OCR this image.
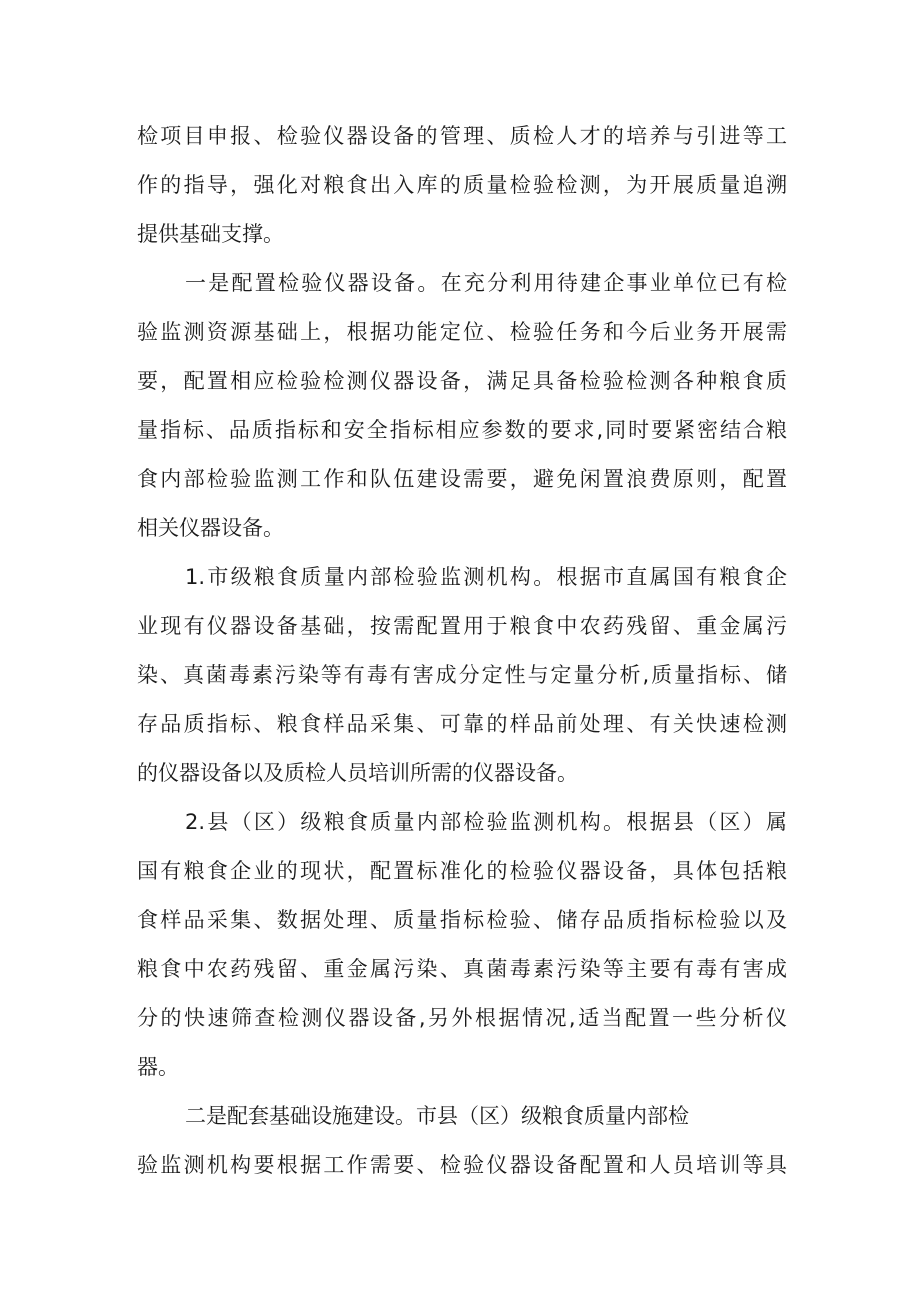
检项目申报、检验仪器设备的管理、质检人才的培养与引进等工

作的指导，强化对粮食出入库的质量检验检测，为开展质量追溯

提供基础支撑。

一是配置检验仪器设备。在充分利用待建企事业单位已有检

验监测资源基础上，根据功能定位、检验任务和今后业务开展需

要，配置相应检验检测仪器设备，满足具备检验检测各种粮食质

量指标、品质指标和安全指标相应参数的要求,同时要紧密结合粮

食内部检验监测工作和队伍建设需要，避免闲置浪费原则，配置

相关仪器设备。

1.市级粮食质量内部检验监测机构。根据市直属国有粮食企

业现有仪器设备基础，按需配置用于粮食中农药残留、重金属污

染、真菌毒素污染等有毒有害成分定性与定量分析,质量指标、储

存品质指标、粮食样品采集、可靠的样品前处理、有关快速检测

的仪器设备以及质检人员培训所需的仪器设备。

2.县（区）级粮食质量内部检验监测机构。根据县（区）属

国有粮食企业的现状，配置标准化的检验仪器设备，具体包括粮

食样品采集、数据处理、质量指标检验、储存品质指标检验以及

粮食中农药残留、重金属污染、真菌毒素污染等主要有毒有害成

分的快速筛查检测仪器设备,另外根据情况,适当配置一些分析仪

器。

二是配套基础设施建设。市县（区）级粮食质量内部检

验监测机构要根据工作需要、检验仪器设备配置和人员培训等具
